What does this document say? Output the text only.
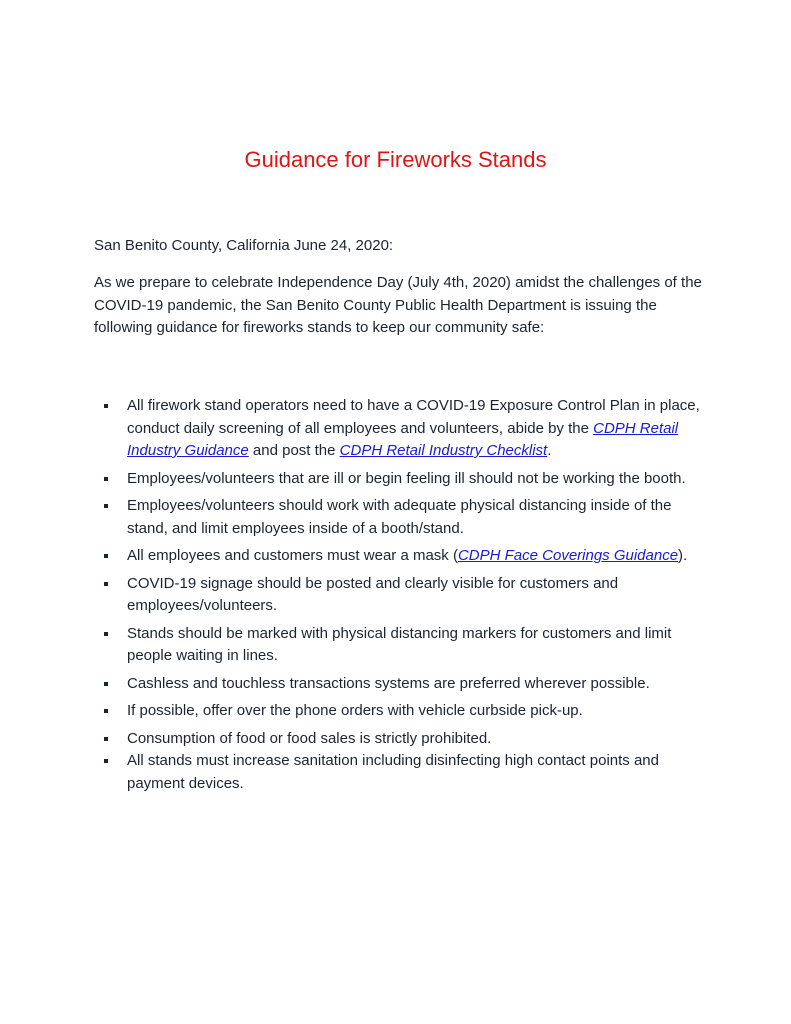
Guidance for Fireworks Stands

San Benito County, California June 24, 2020:

As we prepare to celebrate Independence Day (July 4th, 2020) amidst the challenges of the COVID-19 pandemic, the San Benito County Public Health Department is issuing the following guidance for fireworks stands to keep our community safe:

All firework stand operators need to have a COVID-19 Exposure Control Plan in place, conduct daily screening of all employees and volunteers, abide by the CDPH Retail Industry Guidance and post the CDPH Retail Industry Checklist.
Employees/volunteers that are ill or begin feeling ill should not be working the booth.
Employees/volunteers should work with adequate physical distancing inside of the stand, and limit employees inside of a booth/stand.
All employees and customers must wear a mask (CDPH Face Coverings Guidance).
COVID-19 signage should be posted and clearly visible for customers and employees/volunteers.
Stands should be marked with physical distancing markers for customers and limit people waiting in lines.
Cashless and touchless transactions systems are preferred wherever possible.
If possible, offer over the phone orders with vehicle curbside pick-up.
Consumption of food or food sales is strictly prohibited.
All stands must increase sanitation including disinfecting high contact points and payment devices.
